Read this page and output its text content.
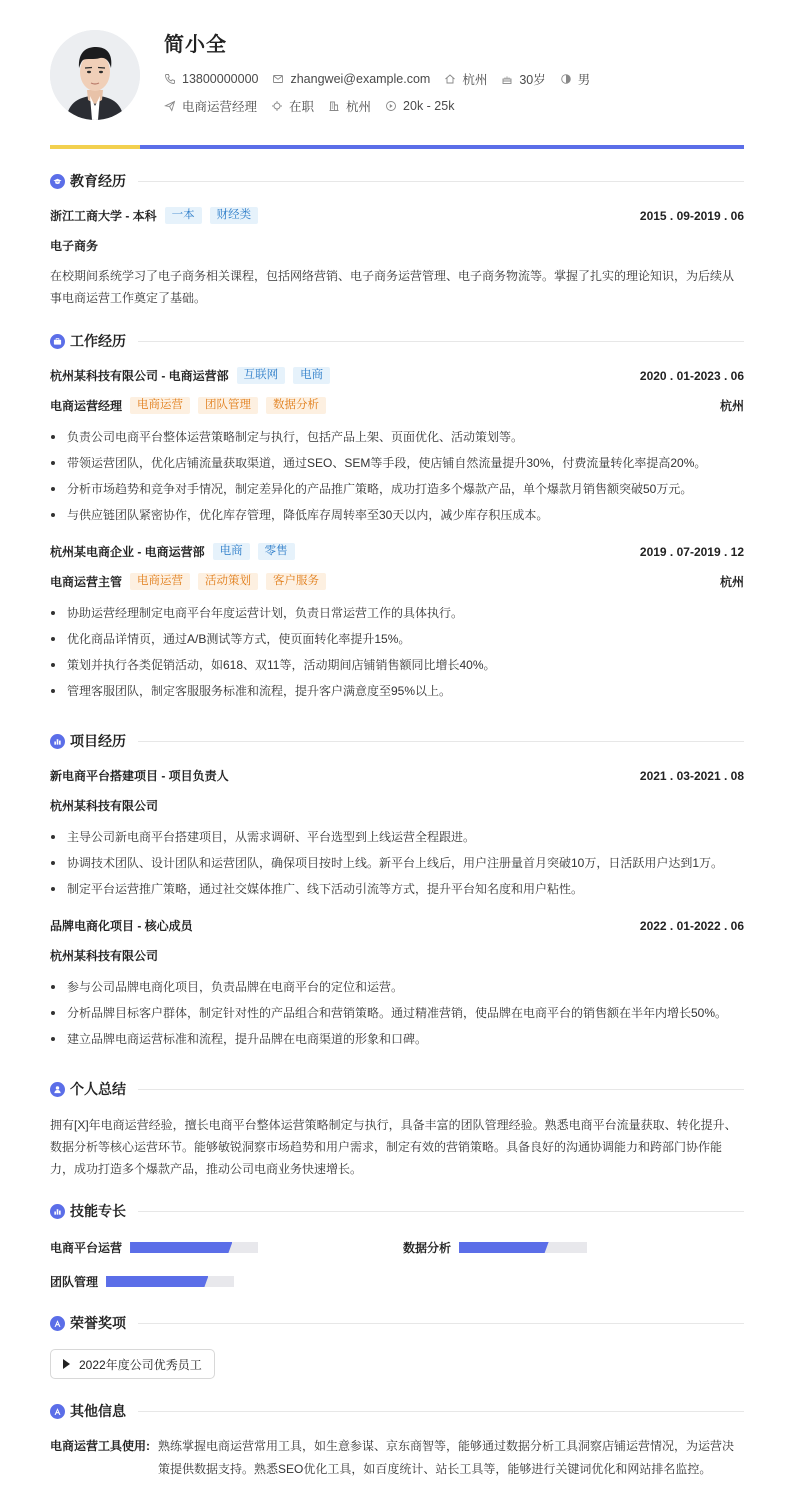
简小全
13800000000	zhangwei@example.com	杭州	30岁	男
电商运营经理	在职	杭州	20k - 25k
教育经历
浙江工商大学 - 本科	一本	财经类	2015 . 09-2019 . 06
电子商务
在校期间系统学习了电子商务相关课程，包括网络营销、电子商务运营管理、电子商务物流等。掌握了扎实的理论知识，为后续从事电商运营工作奠定了基础。
工作经历
杭州某科技有限公司 - 电商运营部	互联网	电商	2020 . 01-2023 . 06
电商运营经理	电商运营	团队管理	数据分析	杭州
负责公司电商平台整体运营策略制定与执行，包括产品上架、页面优化、活动策划等。
带领运营团队，优化店铺流量获取渠道，通过SEO、SEM等手段，使店铺自然流量提升30%，付费流量转化率提高20%。
分析市场趋势和竞争对手情况，制定差异化的产品推广策略，成功打造多个爆款产品，单个爆款月销售额突破50万元。
与供应链团队紧密协作，优化库存管理，降低库存周转率至30天以内，减少库存积压成本。
杭州某电商企业 - 电商运营部	电商	零售	2019 . 07-2019 . 12
电商运营主管	电商运营	活动策划	客户服务	杭州
协助运营经理制定电商平台年度运营计划，负责日常运营工作的具体执行。
优化商品详情页，通过A/B测试等方式，使页面转化率提升15%。
策划并执行各类促销活动，如618、双11等，活动期间店铺销售额同比增长40%。
管理客服团队，制定客服服务标准和流程，提升客户满意度至95%以上。
项目经历
新电商平台搭建项目 - 项目负责人	2021 . 03-2021 . 08
杭州某科技有限公司
主导公司新电商平台搭建项目，从需求调研、平台选型到上线运营全程跟进。
协调技术团队、设计团队和运营团队，确保项目按时上线。新平台上线后，用户注册量首月突破10万，日活跃用户达到1万。
制定平台运营推广策略，通过社交媒体推广、线下活动引流等方式，提升平台知名度和用户粘性。
品牌电商化项目 - 核心成员	2022 . 01-2022 . 06
杭州某科技有限公司
参与公司品牌电商化项目，负责品牌在电商平台的定位和运营。
分析品牌目标客户群体，制定针对性的产品组合和营销策略。通过精准营销，使品牌在电商平台的销售额在半年内增长50%。
建立品牌电商运营标准和流程，提升品牌在电商渠道的形象和口碑。
个人总结
拥有[X]年电商运营经验，擅长电商平台整体运营策略制定与执行，具备丰富的团队管理经验。熟悉电商平台流量获取、转化提升、数据分析等核心运营环节。能够敏锐洞察市场趋势和用户需求，制定有效的营销策略。具备良好的沟通协调能力和跨部门协作能力，成功打造多个爆款产品，推动公司电商业务快速增长。
技能专长
电商平台运营	数据分析
团队管理
荣誉奖项
2022年度公司优秀员工
其他信息
电商运营工具使用: 熟练掌握电商运营常用工具，如生意参谋、京东商智等，能够通过数据分析工具洞察店铺运营情况，为运营决策提供数据支持。熟悉SEO优化工具，如百度统计、站长工具等，能够进行关键词优化和网站排名监控。
